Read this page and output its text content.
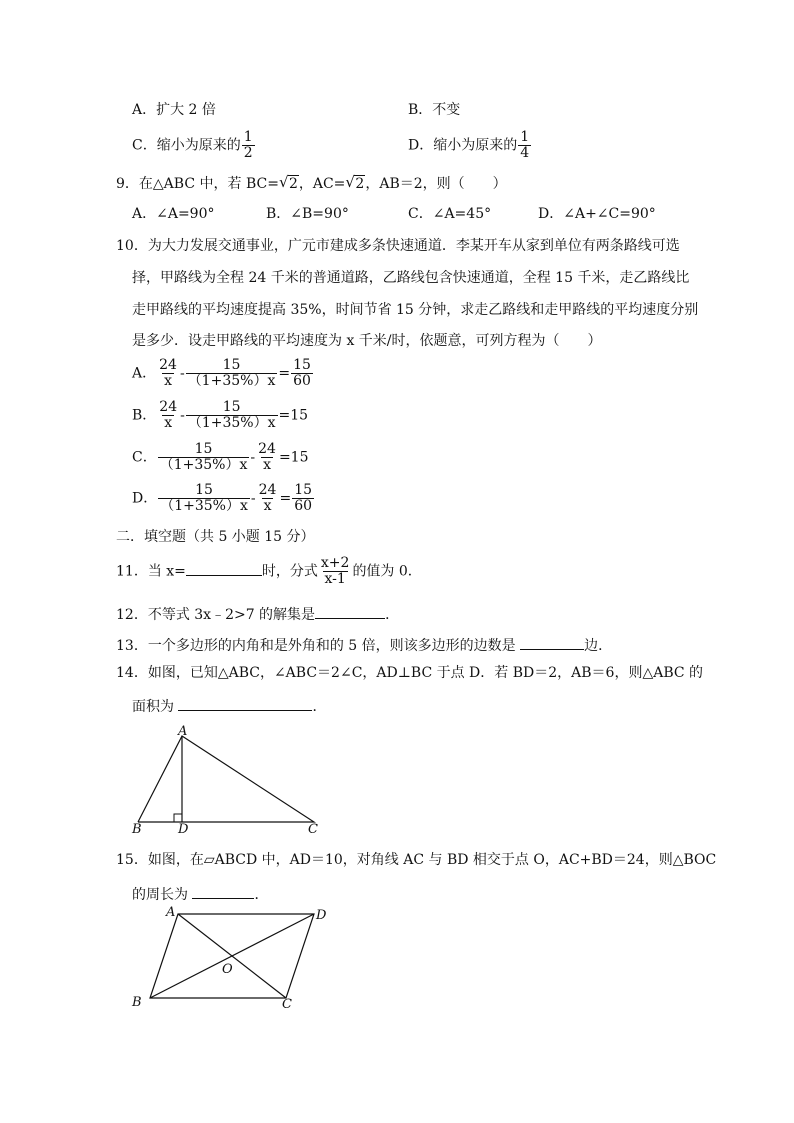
A．扩大 2 倍	B．不变
C．缩小为原来的 $\frac{1}{2}$	D．缩小为原来的 $\frac{1}{4}$
9．在△ABC 中，若 BC= √ 2，AC= √ 2，AB＝2，则（　　）
A．∠A=90°	B．∠B=90°	C．∠A=45°	D．∠A+∠C=90°
10．为大力发展交通事业，广元市建成多条快速通道．李某开车从家到单位有两条路线可选
择，甲路线为全程 24 千米的普通道路，乙路线包含快速通道，全程 15 千米，走乙路线比
走甲路线的平均速度提高 35%，时间节省 15 分钟，求走乙路线和走甲路线的平均速度分别
是多少．设走甲路线的平均速度为 x 千米/时，依题意，可列方程为（　　）
A． $\frac{24}{x} - \frac{15}{(1+35\%)x} = \frac{15}{60}$
B． $\frac{24}{x} - \frac{15}{(1+35\%)x} =15$
C． $\frac{15}{(1+35\%)x} - \frac{24}{x} =15$
D． $\frac{15}{(1+35\%)x} - \frac{24}{x} = \frac{15}{60}$
二．填空题（共 5 小题 15 分）
11．当 x=	时，分式 $\frac{x+2}{x-1}$ 的值为 0．
12．不等式 3x﹣2>7 的解集是	．
13．一个多边形的内角和是外角和的 5 倍，则该多边形的边数是	边．
14．如图，已知△ABC，∠ABC＝2∠C，AD⊥BC 于点 D．若 BD＝2，AB＝6，则△ABC 的
面积为	．
A
B	D	C
15．如图，在▱ABCD 中，AD＝10，对角线 AC 与 BD 相交于点 O，AC+BD＝24，则△BOC
的周长为	．
A	D
B	C
O
